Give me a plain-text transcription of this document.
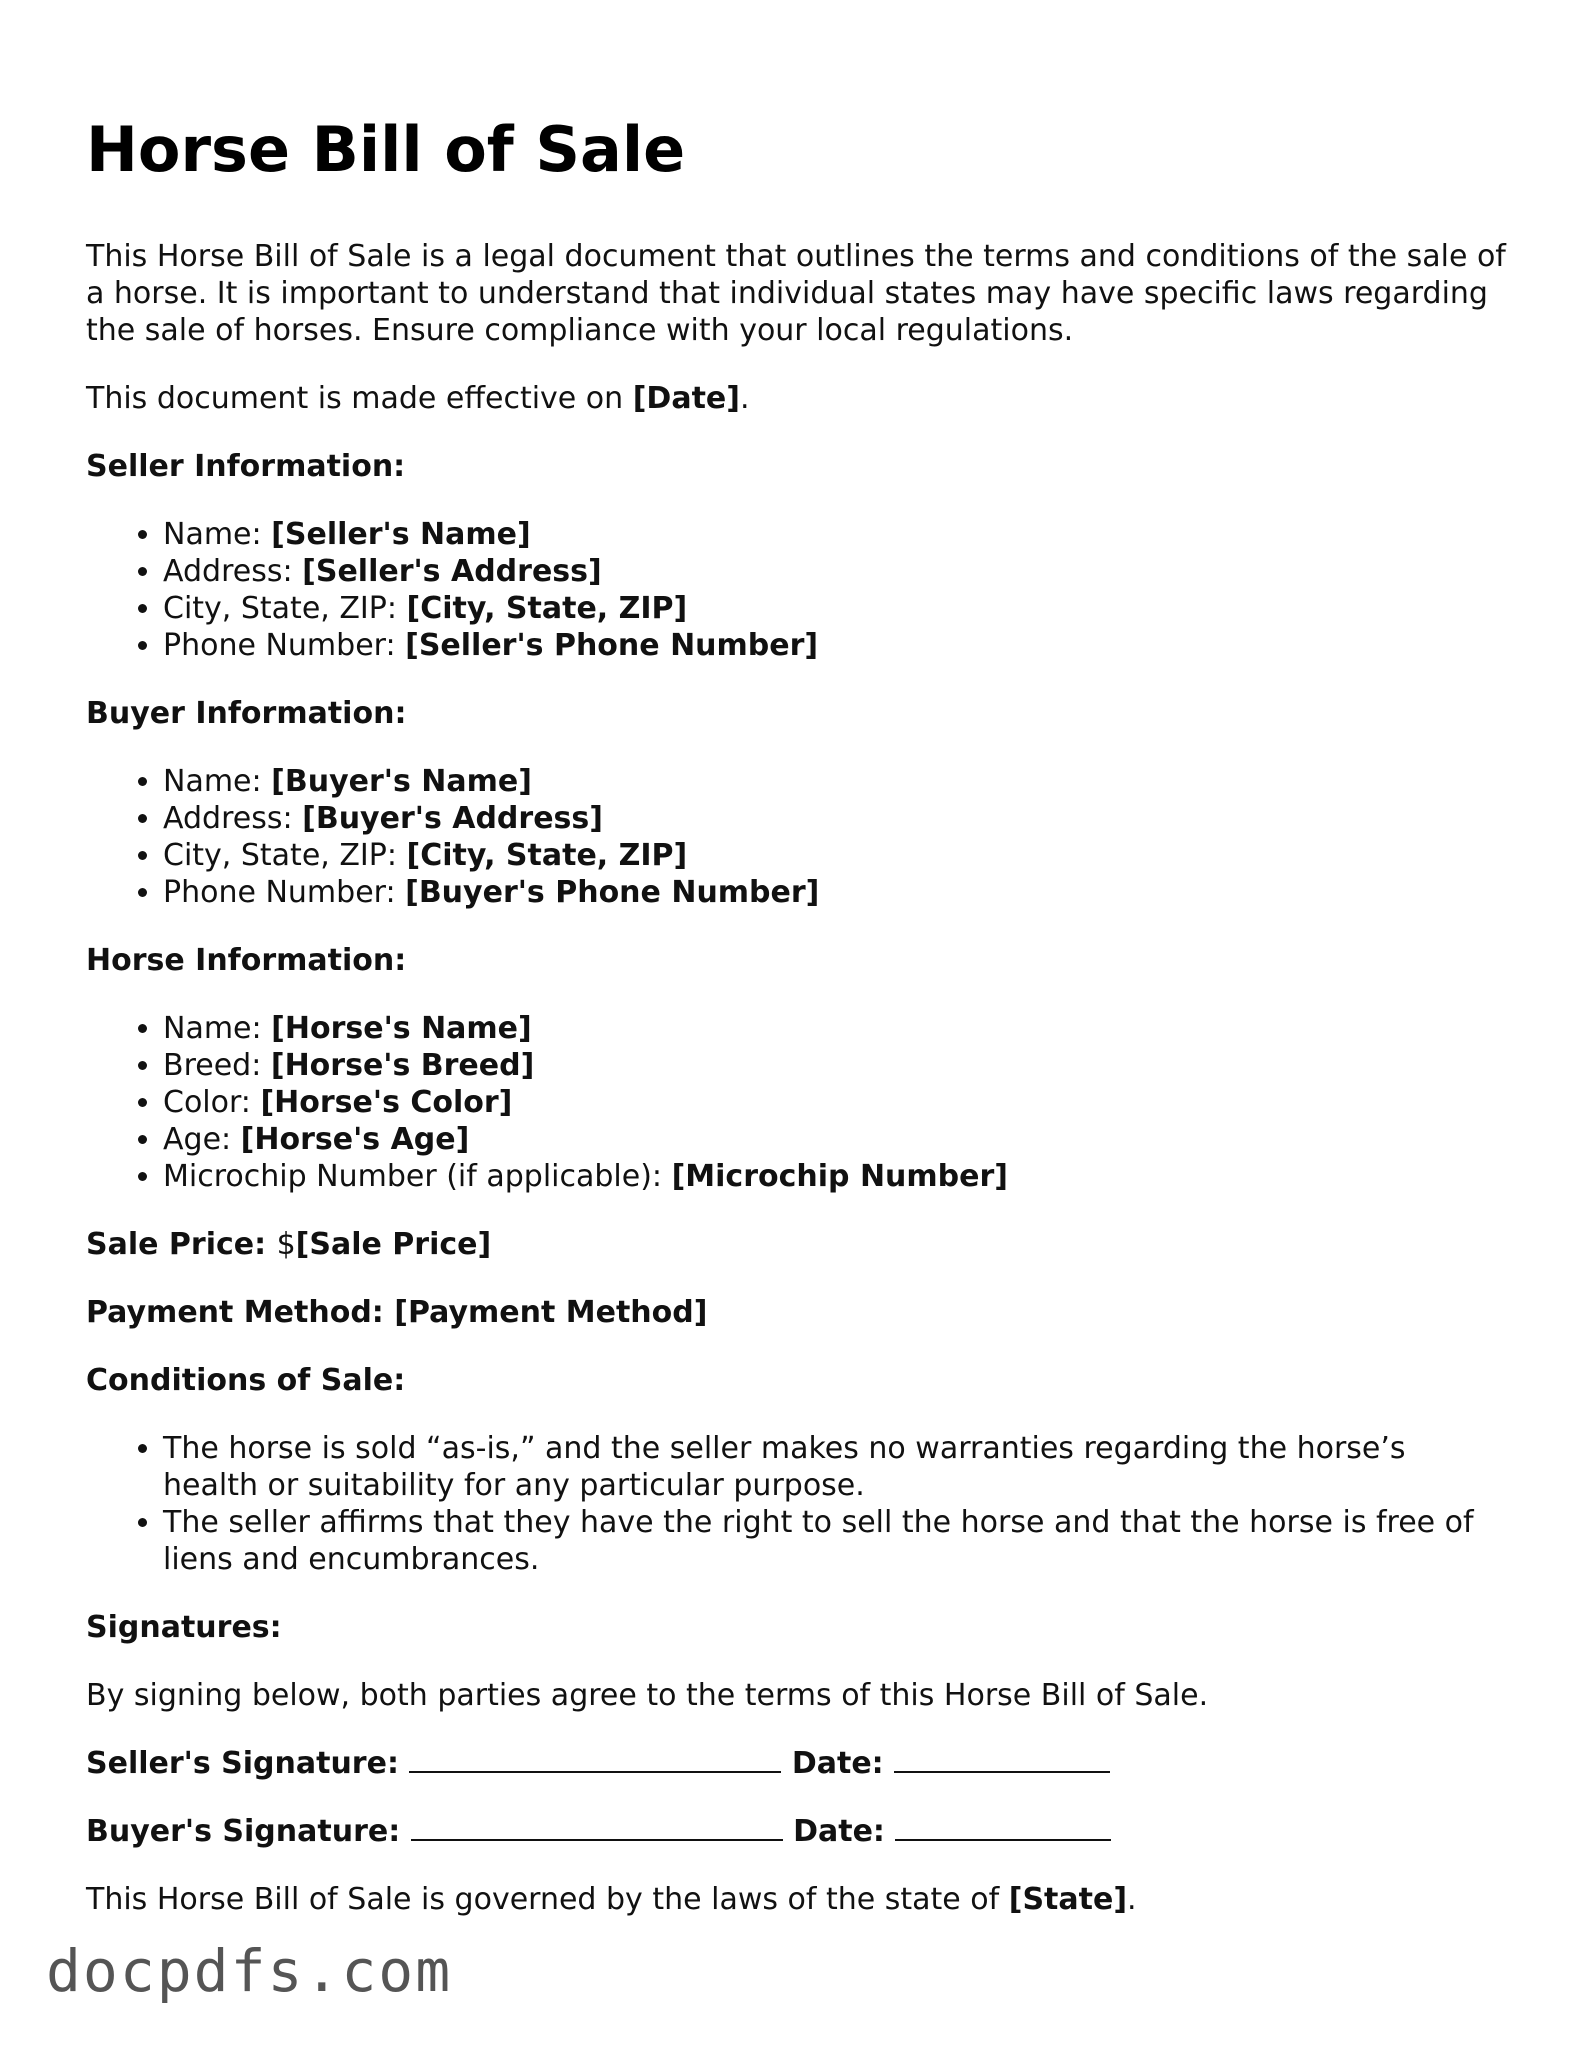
Horse Bill of Sale

This Horse Bill of Sale is a legal document that outlines the terms and conditions of the sale of a horse. It is important to understand that individual states may have specific laws regarding the sale of horses. Ensure compliance with your local regulations.

This document is made effective on [Date].

Seller Information:
• Name: [Seller's Name]
• Address: [Seller's Address]
• City, State, ZIP: [City, State, ZIP]
• Phone Number: [Seller's Phone Number]
Buyer Information:
• Name: [Buyer's Name]
• Address: [Buyer's Address]
• City, State, ZIP: [City, State, ZIP]
• Phone Number: [Buyer's Phone Number]
Horse Information:
• Name: [Horse's Name]
• Breed: [Horse's Breed]
• Color: [Horse's Color]
• Age: [Horse's Age]
• Microchip Number (if applicable): [Microchip Number]

Sale Price: $[Sale Price]

Payment Method: [Payment Method]

Conditions of Sale:
• The horse is sold “as-is,” and the seller makes no warranties regarding the horse’s health or suitability for any particular purpose.
• The seller affirms that they have the right to sell the horse and that the horse is free of liens and encumbrances.
Signatures:

By signing below, both parties agree to the terms of this Horse Bill of Sale.

Seller's Signature:	Date:
Buyer's Signature:	Date:

This Horse Bill of Sale is governed by the laws of the state of [State].

docpdfs.com
